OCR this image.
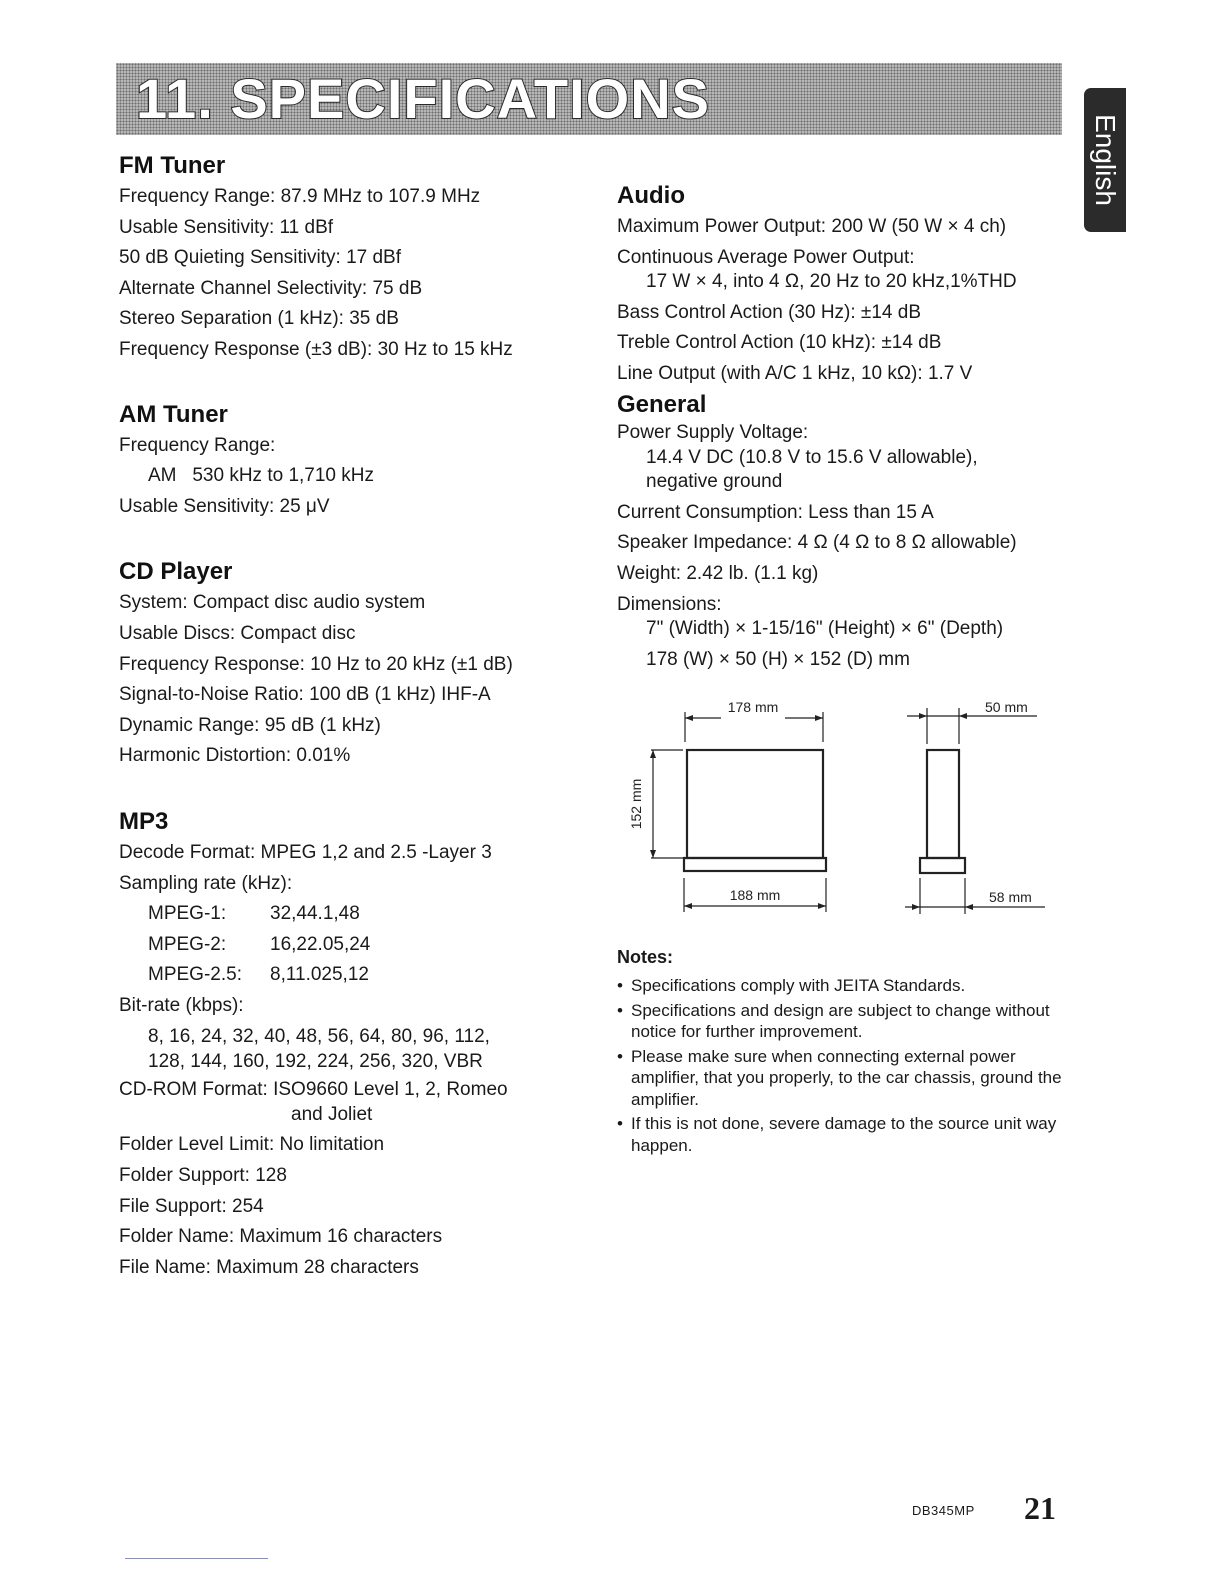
11. SPECIFICATIONS
English
FM Tuner
Frequency Range: 87.9 MHz to 107.9 MHz
Usable Sensitivity: 11 dBf
50 dB Quieting Sensitivity: 17 dBf
Alternate Channel Selectivity: 75 dB
Stereo Separation (1 kHz): 35 dB
Frequency Response (±3 dB): 30 Hz to 15 kHz
AM Tuner
Frequency Range:
AM   530 kHz to 1,710 kHz
Usable Sensitivity: 25 μV
CD Player
System: Compact disc audio system
Usable Discs: Compact disc
Frequency Response: 10 Hz to 20 kHz (±1 dB)
Signal-to-Noise Ratio: 100 dB (1 kHz) IHF-A
Dynamic Range: 95 dB (1 kHz)
Harmonic Distortion: 0.01%
MP3
Decode Format: MPEG 1,2 and 2.5 -Layer 3
Sampling rate (kHz):
MPEG-1: 32,44.1,48
MPEG-2: 16,22.05,24
MPEG-2.5: 8,11.025,12
Bit-rate (kbps):
8, 16, 24, 32, 40, 48, 56, 64, 80, 96, 112,
128, 144, 160, 192, 224, 256, 320, VBR
CD-ROM Format: ISO9660 Level 1, 2, Romeo
and Joliet
Folder Level Limit: No limitation
Folder Support: 128
File Support: 254
Folder Name: Maximum 16 characters
File Name: Maximum 28 characters
Audio
Maximum Power Output: 200 W (50 W × 4 ch)
Continuous Average Power Output:
17 W × 4, into 4 Ω, 20 Hz to 20 kHz,1%THD
Bass Control Action (30 Hz): ±14 dB
Treble Control Action (10 kHz): ±14 dB
Line Output (with A/C 1 kHz, 10 kΩ): 1.7 V
General
Power Supply Voltage:
14.4 V DC (10.8 V to 15.6 V allowable),
negative ground
Current Consumption: Less than 15 A
Speaker Impedance: 4 Ω (4 Ω to 8 Ω allowable)
Weight: 2.42 lb. (1.1 kg)
Dimensions:
7" (Width) × 1-15/16" (Height) × 6" (Depth)
178 (W) × 50 (H) × 152 (D) mm
178 mm
152 mm
188 mm
50 mm
58 mm
Notes:
• Specifications comply with JEITA Standards.
• Specifications and design are subject to change without notice for further improvement.
• Please make sure when connecting external power amplifier, that you properly, to the car chassis, ground the amplifier.
• If this is not done, severe damage to the source unit way happen.
DB345MP 21
